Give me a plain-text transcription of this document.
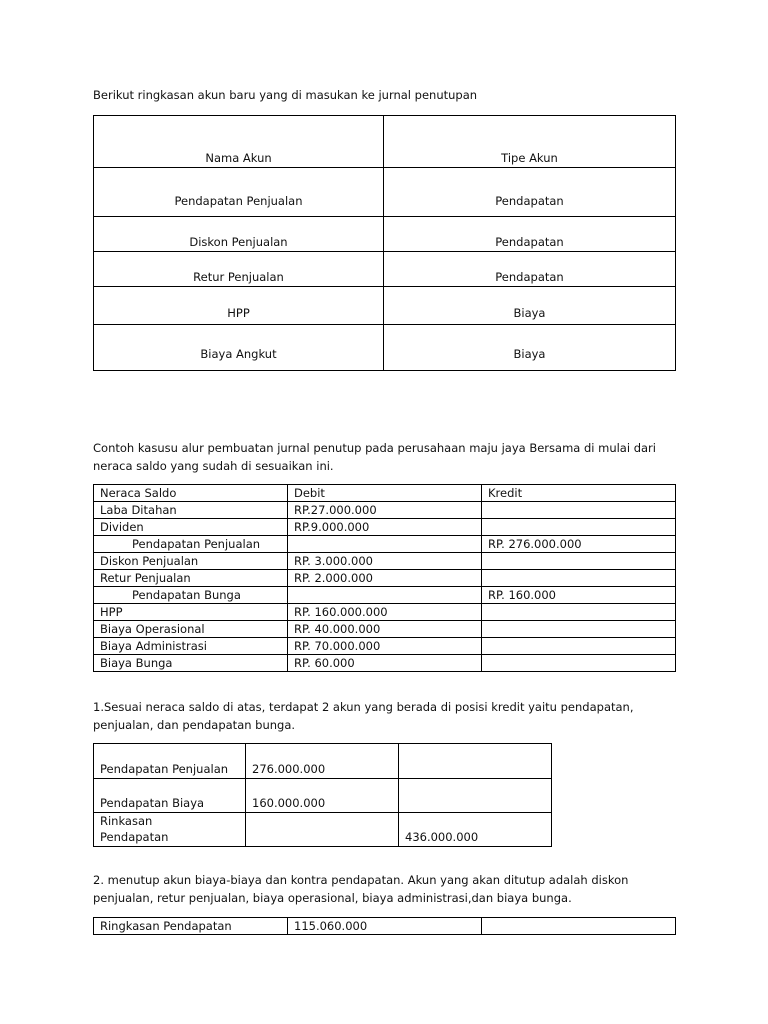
Berikut ringkasan akun baru yang di masukan ke jurnal penutupan

Nama Akun	Tipe Akun
Pendapatan Penjualan	Pendapatan
Diskon Penjualan	Pendapatan
Retur Penjualan	Pendapatan
HPP	Biaya
Biaya Angkut	Biaya

Contoh kasusu alur pembuatan jurnal penutup pada perusahaan maju jaya Bersama di mulai dari
neraca saldo yang sudah di sesuaikan ini.

Neraca Saldo	Debit	Kredit
Laba Ditahan	RP.27.000.000	
Dividen	RP.9.000.000	
Pendapatan Penjualan		RP. 276.000.000
Diskon Penjualan	RP. 3.000.000	
Retur Penjualan	RP. 2.000.000	
Pendapatan Bunga		RP. 160.000
HPP	RP. 160.000.000	
Biaya Operasional	RP. 40.000.000	
Biaya Administrasi	RP. 70.000.000	
Biaya Bunga	RP. 60.000	

1.Sesuai neraca saldo di atas, terdapat 2 akun yang berada di posisi kredit yaitu pendapatan,
penjualan, dan pendapatan bunga.

Pendapatan Penjualan	276.000.000	
Pendapatan Biaya	160.000.000	
Rinkasan Pendapatan		436.000.000

2. menutup akun biaya-biaya dan kontra pendapatan. Akun yang akan ditutup adalah diskon
penjualan, retur penjualan, biaya operasional, biaya administrasi,dan biaya bunga.

Ringkasan Pendapatan	115.060.000	
